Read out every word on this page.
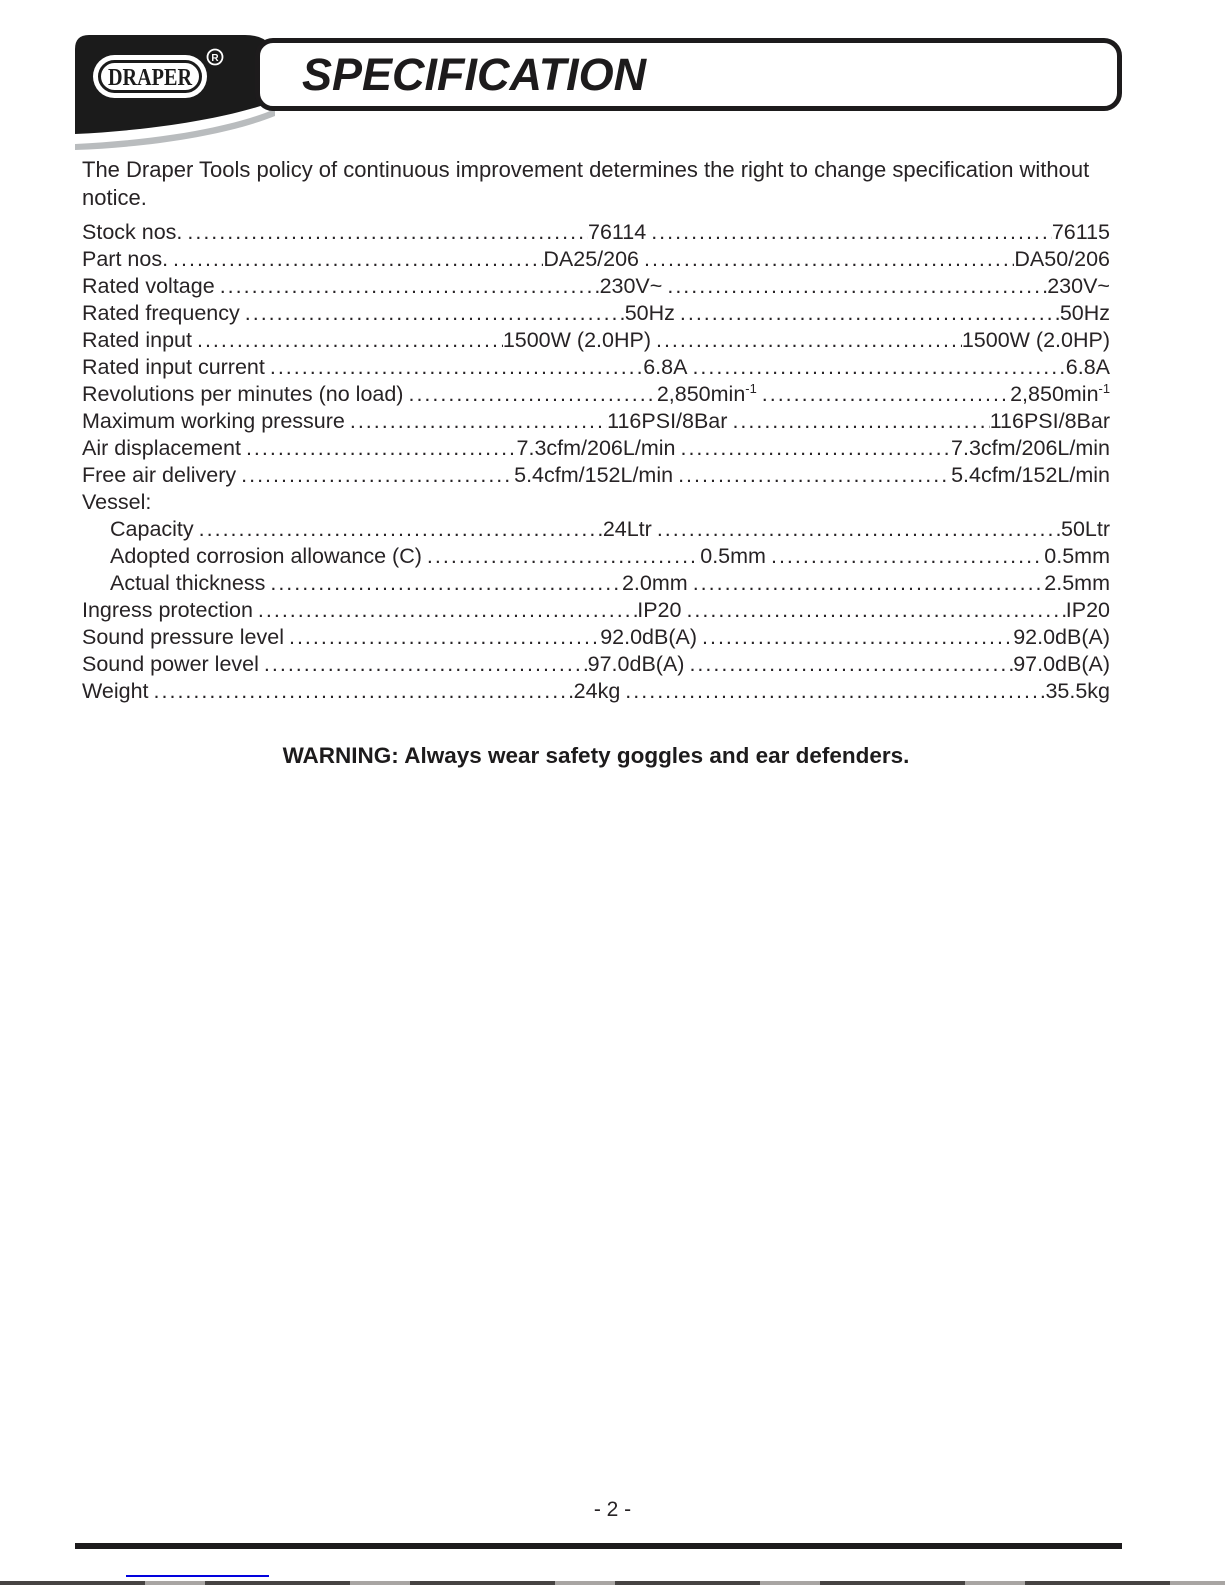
DRAPER
R SPECIFICATION

The Draper Tools policy of continuous improvement determines the right to change specification without notice.

Stock nos. .....	76114 .....	76115
Part nos. .....	DA25/206 .....	DA50/206
Rated voltage .....	230V~ .....	230V~
Rated frequency .....	50Hz .....	50Hz
Rated input .....	1500W (2.0HP) .....	1500W (2.0HP)
Rated input current .....	6.8A .....	6.8A
Revolutions per minutes (no load) .....	$2,850\min^{-1}$ .....	$2,850\min^{-1}$
Maximum working pressure .....	116PSI/8Bar .....	116PSI/8Bar
Air displacement .....	7.3cfm/206L/min .....	7.3cfm/206L/min
Free air delivery .....	5.4cfm/152L/min .....	5.4cfm/152L/min
Vessel:
Capacity .....	24Ltr .....	50Ltr
Adopted corrosion allowance (C) .....	0.5mm .....	0.5mm
Actual thickness .....	2.0mm .....	2.5mm
Ingress protection .....	IP20 .....	IP20
Sound pressure level .....	92.0dB(A) .....	92.0dB(A)
Sound power level .....	97.0dB(A) .....	97.0dB(A)
Weight .....	24kg .....	35.5kg

WARNING: Always wear safety goggles and ear defenders.

- 2 -
